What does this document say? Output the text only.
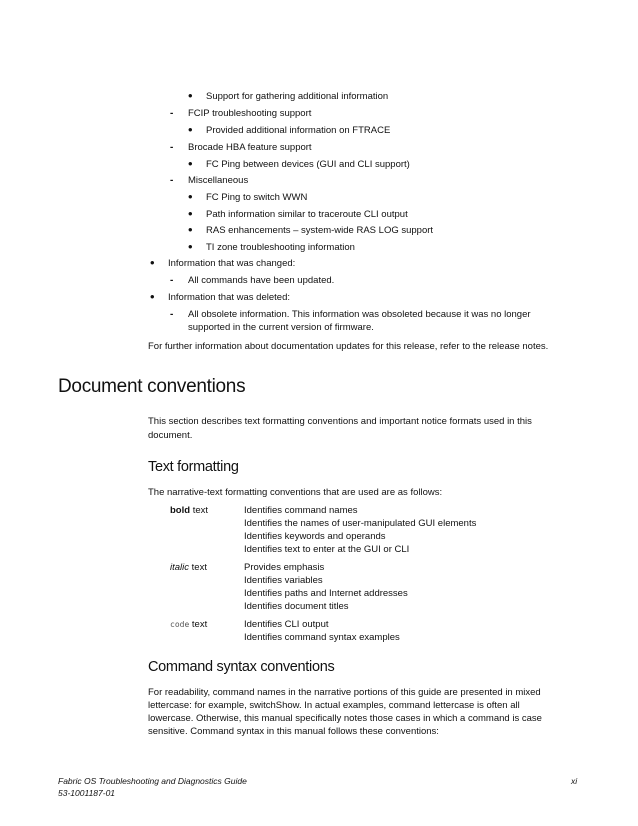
• Support for gathering additional information
- FCIP troubleshooting support
• Provided additional information on FTRACE
- Brocade HBA feature support
• FC Ping between devices (GUI and CLI support)
- Miscellaneous
• FC Ping to switch WWN
• Path information similar to traceroute CLI output
• RAS enhancements – system-wide RAS LOG support
• TI zone troubleshooting information
• Information that was changed:
- All commands have been updated.
• Information that was deleted:
- All obsolete information. This information was obsoleted because it was no longer
supported in the current version of firmware.
For further information about documentation updates for this release, refer to the release notes.
Document conventions
This section describes text formatting conventions and important notice formats used in this
document.
Text formatting
The narrative-text formatting conventions that are used are as follows:
bold text	Identifies command names
Identifies the names of user-manipulated GUI elements
Identifies keywords and operands
Identifies text to enter at the GUI or CLI
italic text	Provides emphasis
Identifies variables
Identifies paths and Internet addresses
Identifies document titles
code text	Identifies CLI output
Identifies command syntax examples
Command syntax conventions
For readability, command names in the narrative portions of this guide are presented in mixed
lettercase: for example, switchShow. In actual examples, command lettercase is often all
lowercase. Otherwise, this manual specifically notes those cases in which a command is case
sensitive. Command syntax in this manual follows these conventions:
Fabric OS Troubleshooting and Diagnostics Guide
53-1001187-01
xi
